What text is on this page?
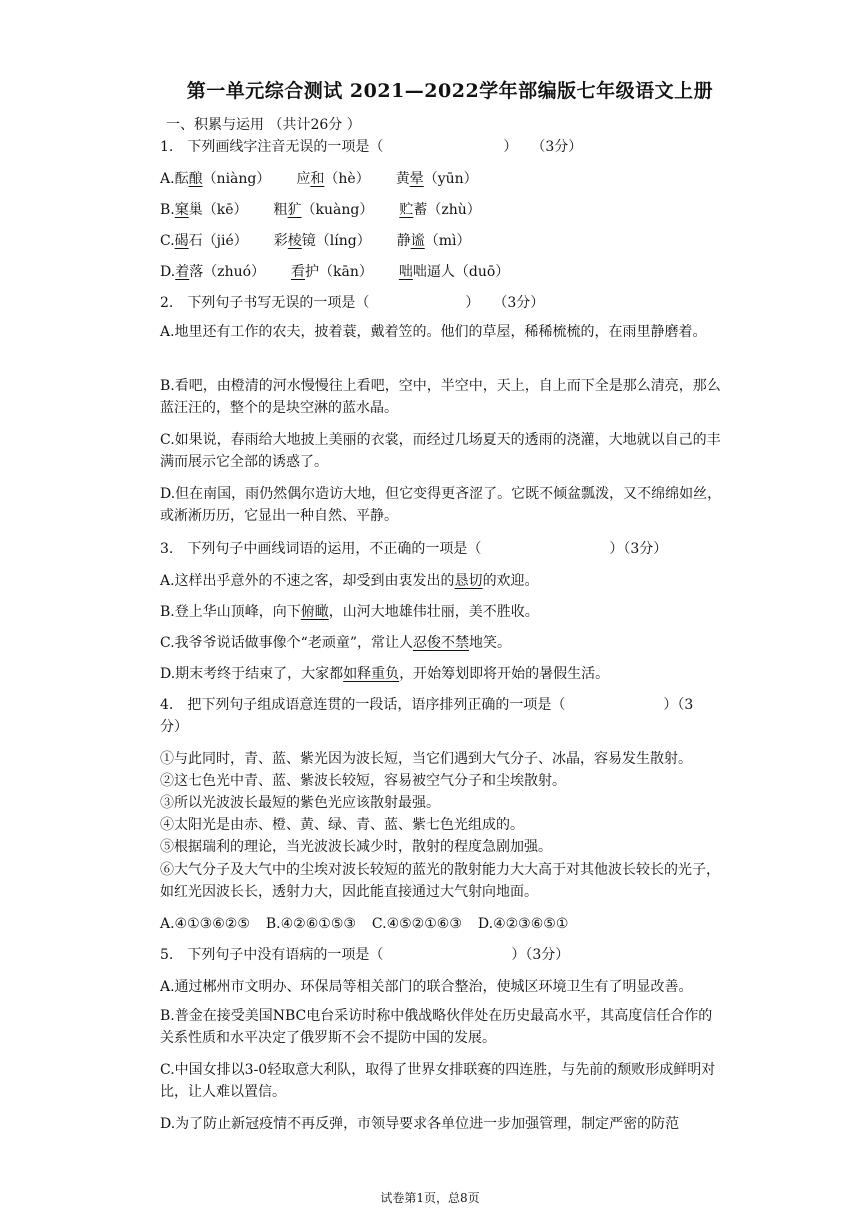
第一单元综合测试 2021—2022学年部编版七年级语文上册
一、积累与运用 （共计26分 ）
1.　下列画线字注音无误的一项是（	） （3分）
A.酝酿（niàng） 应和（hè） 黄晕（yūn）
B.窠巢（kē） 粗犷（kuàng） 贮蓄（zhù）
C.碣石（jié） 彩棱镜（líng） 静谧（mì）
D.着落（zhuó） 看护（kān） 咄咄逼人（duō）
2.　下列句子书写无误的一项是（	） （3分）
A.地里还有工作的农夫，披着蓑，戴着笠的。他们的草屋，稀稀梳梳的，在雨里静磨着。
B.看吧，由橙清的河水慢慢往上看吧，空中，半空中，天上，自上而下全是那么清亮，那么蓝汪汪的，整个的是块空淋的蓝水晶。
C.如果说，春雨给大地披上美丽的衣裳，而经过几场夏天的透雨的浇灌，大地就以自己的丰满而展示它全部的诱惑了。
D.但在南国，雨仍然偶尔造访大地，但它变得更吝涩了。它既不倾盆瓢泼，又不绵绵如丝，或淅淅历历，它显出一种自然、平静。
3.　下列句子中画线词语的运用，不正确的一项是（	）（3分）
A.这样出乎意外的不速之客，却受到由衷发出的恳切的欢迎。
B.登上华山顶峰，向下俯瞰，山河大地雄伟壮丽，美不胜收。
C.我爷爷说话做事像个“老顽童”，常让人忍俊不禁地笑。
D.期末考终于结束了，大家都如释重负，开始筹划即将开始的暑假生活。
4.　把下列句子组成语意连贯的一段话，语序排列正确的一项是（	）（3
分）
①与此同时，青、蓝、紫光因为波长短，当它们遇到大气分子、冰晶，容易发生散射。
②这七色光中青、蓝、紫波长较短，容易被空气分子和尘埃散射。
③所以光波波长最短的紫色光应该散射最强。
④太阳光是由赤、橙、黄、绿、青、蓝、紫七色光组成的。
⑤根据瑞利的理论，当光波波长减少时，散射的程度急剧加强。
⑥大气分子及大气中的尘埃对波长较短的蓝光的散射能力大大高于对其他波长较长的光子，如红光因波长长，透射力大，因此能直接通过大气射向地面。
A.④①③⑥②⑤ B.④②⑥①⑤③ C.④⑤②①⑥③ D.④②③⑥⑤①
5.　下列句子中没有语病的一项是（	）（3分）
A.通过郴州市文明办、环保局等相关部门的联合整治，使城区环境卫生有了明显改善。
B.普金在接受美国NBC电台采访时称中俄战略伙伴处在历史最高水平，其高度信任合作的关系性质和水平决定了俄罗斯不会不提防中国的发展。
C.中国女排以3-0轻取意大利队，取得了世界女排联赛的四连胜，与先前的颓败形成鲜明对比，让人难以置信。
D.为了防止新冠疫情不再反弹，市领导要求各单位进一步加强管理，制定严密的防范
试卷第1页，总8页
